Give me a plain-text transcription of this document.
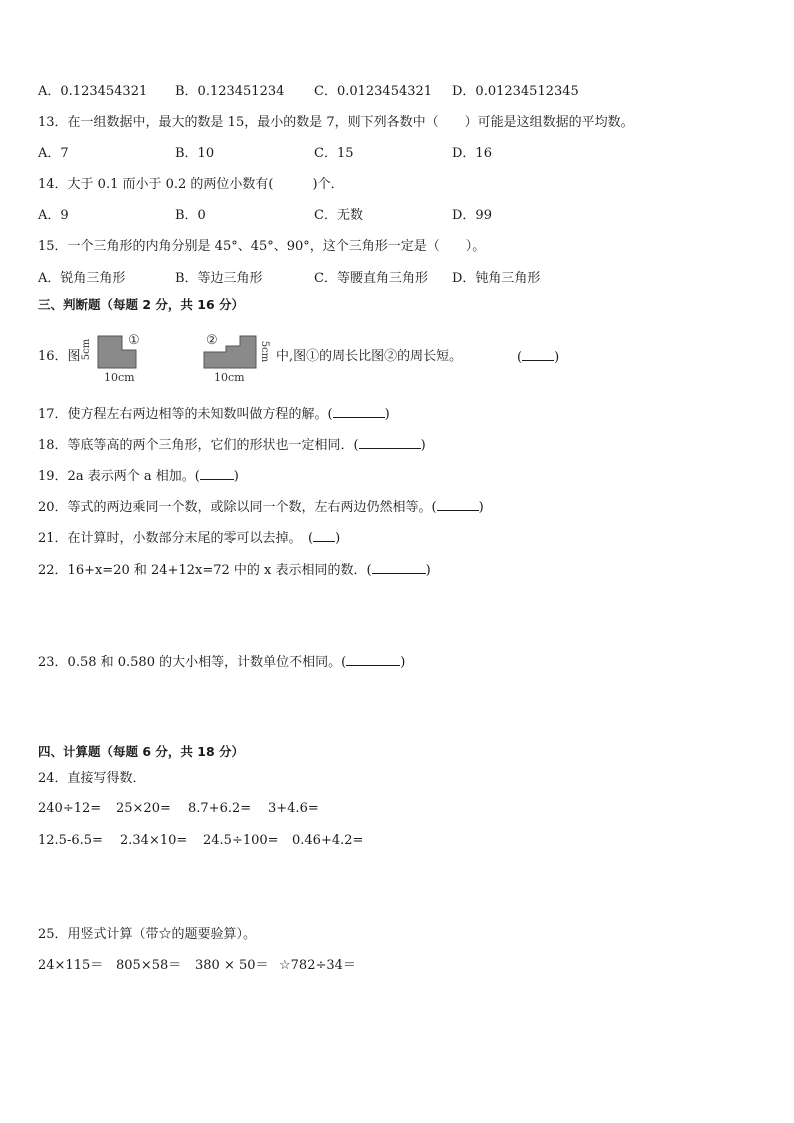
A．0.123454321 B．0.123451234 C．0.0123454321 D．0.01234512345
13．在一组数据中，最大的数是 15，最小的数是 7，则下列各数中（　　）可能是这组数据的平均数。
A．7	B．10	C．15	D．16
14．大于 0.1 而小于 0.2 的两位小数有(　　　)个．
A．9	B．0	C．无数	D．99
15．一个三角形的内角分别是 45°、45°、90°，这个三角形一定是（　　）。
A．锐角三角形	B．等边三角形	C．等腰直角三角形 D．钝角三角形
三、判断题（每题 2 分，共 16 分）
16．图
①
5cm
10cm
②
5cm
10cm
中,图①的周长比图②的周长短。	( )
17．使方程左右两边相等的未知数叫做方程的解。(	)
18．等底等高的两个三角形，它们的形状也一定相同．(	)
19．2a 表示两个 a 相加。(	)
20．等式的两边乘同一个数，或除以同一个数，左右两边仍然相等。(	)
21．在计算时，小数部分末尾的零可以去掉。　( )
22．16+x=20 和 24+12x=72 中的 x 表示相同的数．(	)
23．0.58 和 0.580 的大小相等，计数单位不相同。(	)
四、计算题（每题 6 分，共 18 分）
24．直接写得数．
240÷12= 25×20= 8.7+6.2= 3+4.6=
12.5-6.5= 2.34×10= 24.5÷100= 0.46+4.2=
25．用竖式计算（带☆的题要验算）。
24×115＝ 805×58＝ 380 × 50＝ ☆782÷34＝
